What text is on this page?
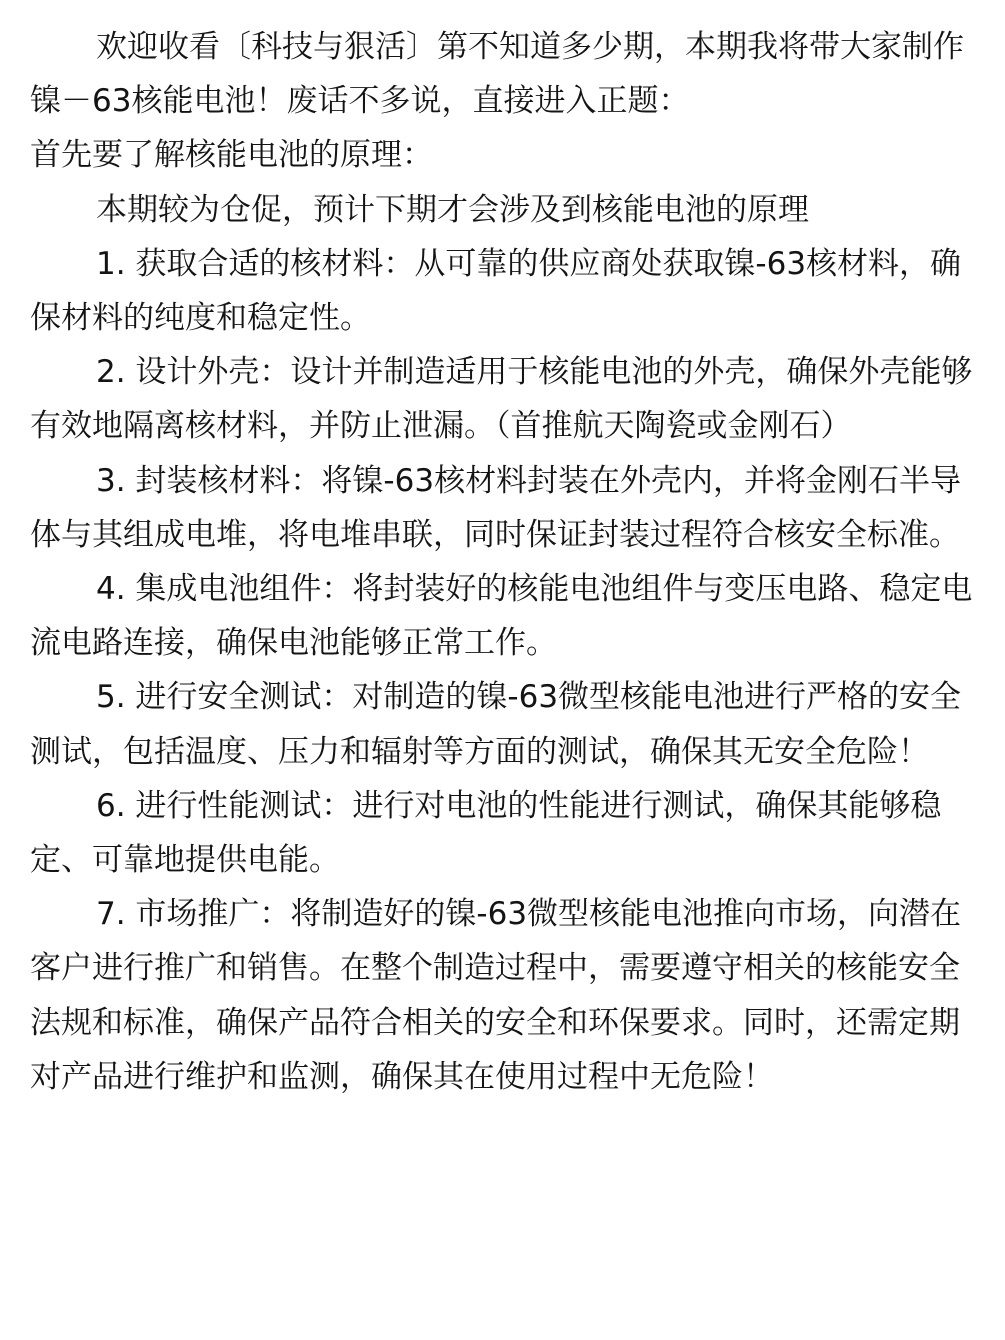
欢迎收看〔科技与狠活〕第不知道多少期，本期我将带大家制作镍－63核能电池！废话不多说，直接进入正题：

首先要了解核能电池的原理：

本期较为仓促，预计下期才会涉及到核能电池的原理

1. 获取合适的核材料：从可靠的供应商处获取镍-63核材料，确保材料的纯度和稳定性。

2. 设计外壳：设计并制造适用于核能电池的外壳，确保外壳能够有效地隔离核材料，并防止泄漏。（首推航天陶瓷或金刚石）

3. 封装核材料：将镍-63核材料封装在外壳内，并将金刚石半导体与其组成电堆，将电堆串联，同时保证封装过程符合核安全标准。

4. 集成电池组件：将封装好的核能电池组件与变压电路、稳定电流电路连接，确保电池能够正常工作。

5. 进行安全测试：对制造的镍-63微型核能电池进行严格的安全测试，包括温度、压力和辐射等方面的测试，确保其无安全危险！

6. 进行性能测试：进行对电池的性能进行测试，确保其能够稳定、可靠地提供电能。

7. 市场推广：将制造好的镍-63微型核能电池推向市场，向潜在客户进行推广和销售。在整个制造过程中，需要遵守相关的核能安全法规和标准，确保产品符合相关的安全和环保要求。同时，还需定期对产品进行维护和监测，确保其在使用过程中无危险！
